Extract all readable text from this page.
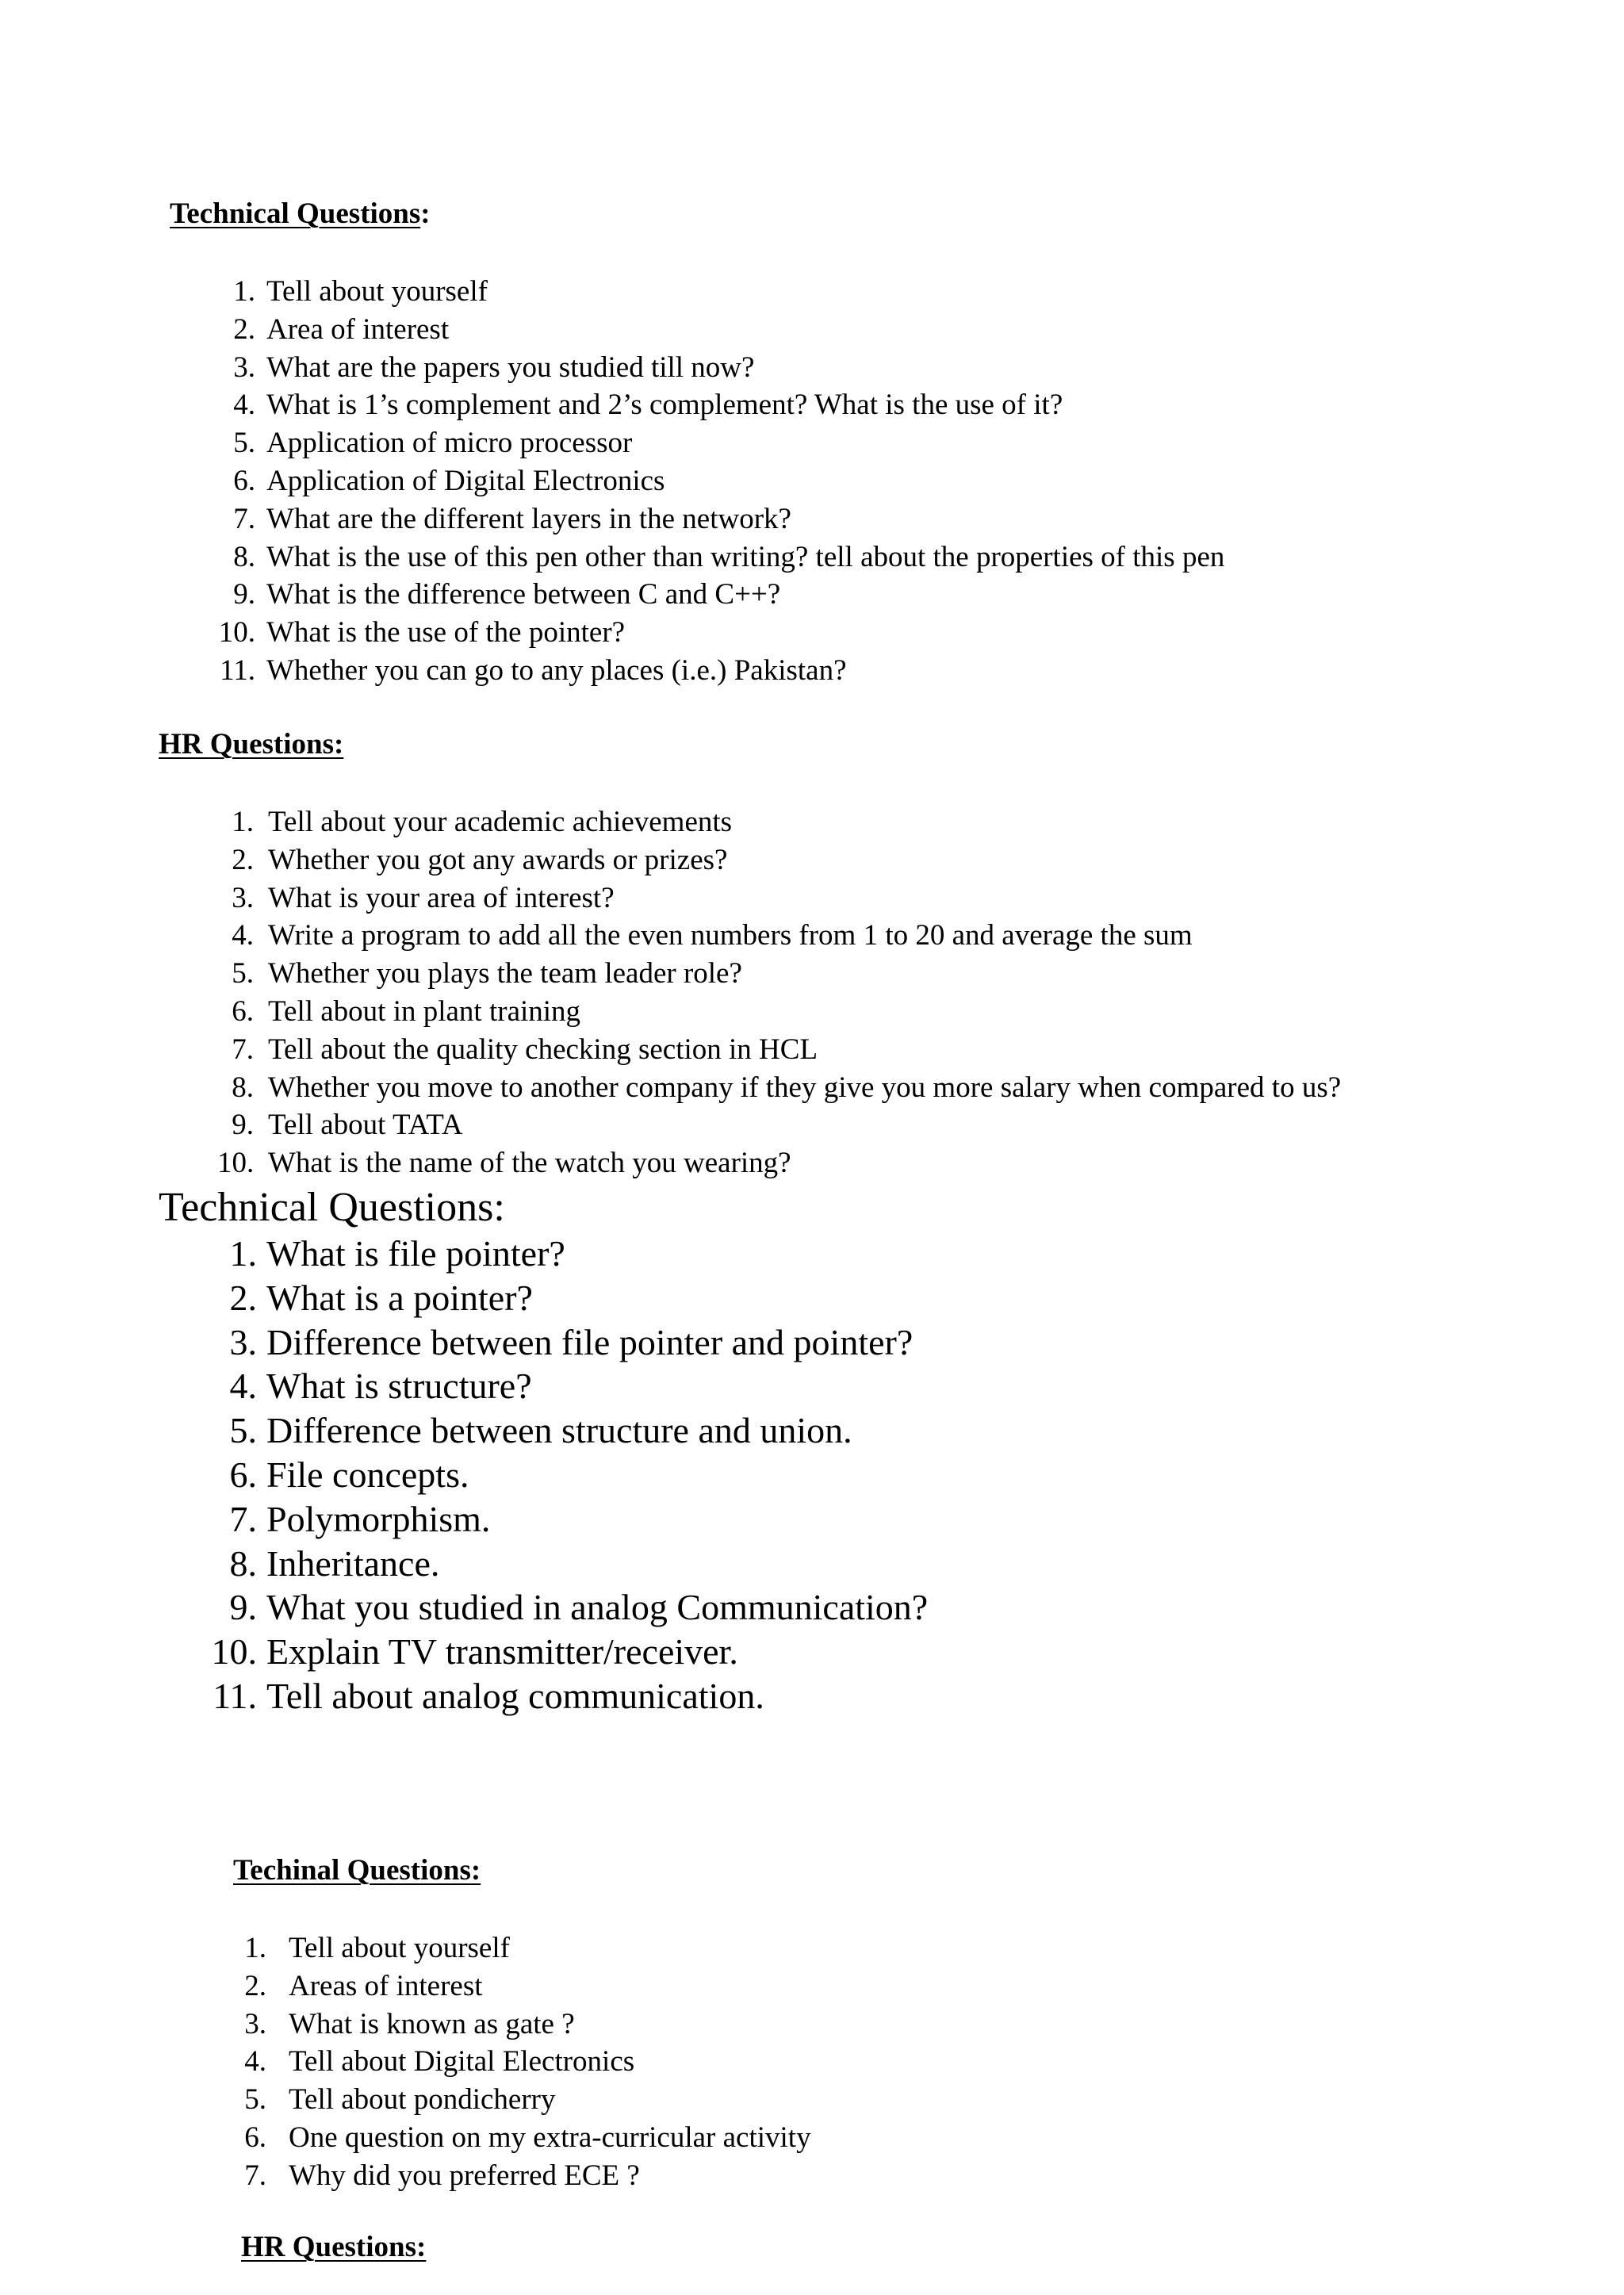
Technical Questions:
1. Tell about yourself
2. Area of interest
3. What are the papers you studied till now?
4. What is 1’s complement and 2’s complement? What is the use of it?
5. Application of micro processor
6. Application of Digital Electronics
7. What are the different layers in the network?
8. What is the use of this pen other than writing? tell about the properties of this pen
9. What is the difference between C and C++?
10. What is the use of the pointer?
11. Whether you can go to any places (i.e.) Pakistan?
HR Questions:
1. Tell about your academic achievements
2. Whether you got any awards or prizes?
3. What is your area of interest?
4. Write a program to add all the even numbers from 1 to 20 and average the sum
5. Whether you plays the team leader role?
6. Tell about in plant training
7. Tell about the quality checking section in HCL
8. Whether you move to another company if they give you more salary when compared to us?
9. Tell about TATA
10. What is the name of the watch you wearing?
Technical Questions:
1. What is file pointer?
2. What is a pointer?
3. Difference between file pointer and pointer?
4. What is structure?
5. Difference between structure and union.
6. File concepts.
7. Polymorphism.
8. Inheritance.
9. What you studied in analog Communication?
10. Explain TV transmitter/receiver.
11. Tell about analog communication.
Techinal Questions:
1. Tell about yourself
2. Areas of interest
3. What is known as gate ?
4. Tell about Digital Electronics
5. Tell about pondicherry
6. One question on my extra-curricular activity
7. Why did you preferred ECE ?
HR Questions:
